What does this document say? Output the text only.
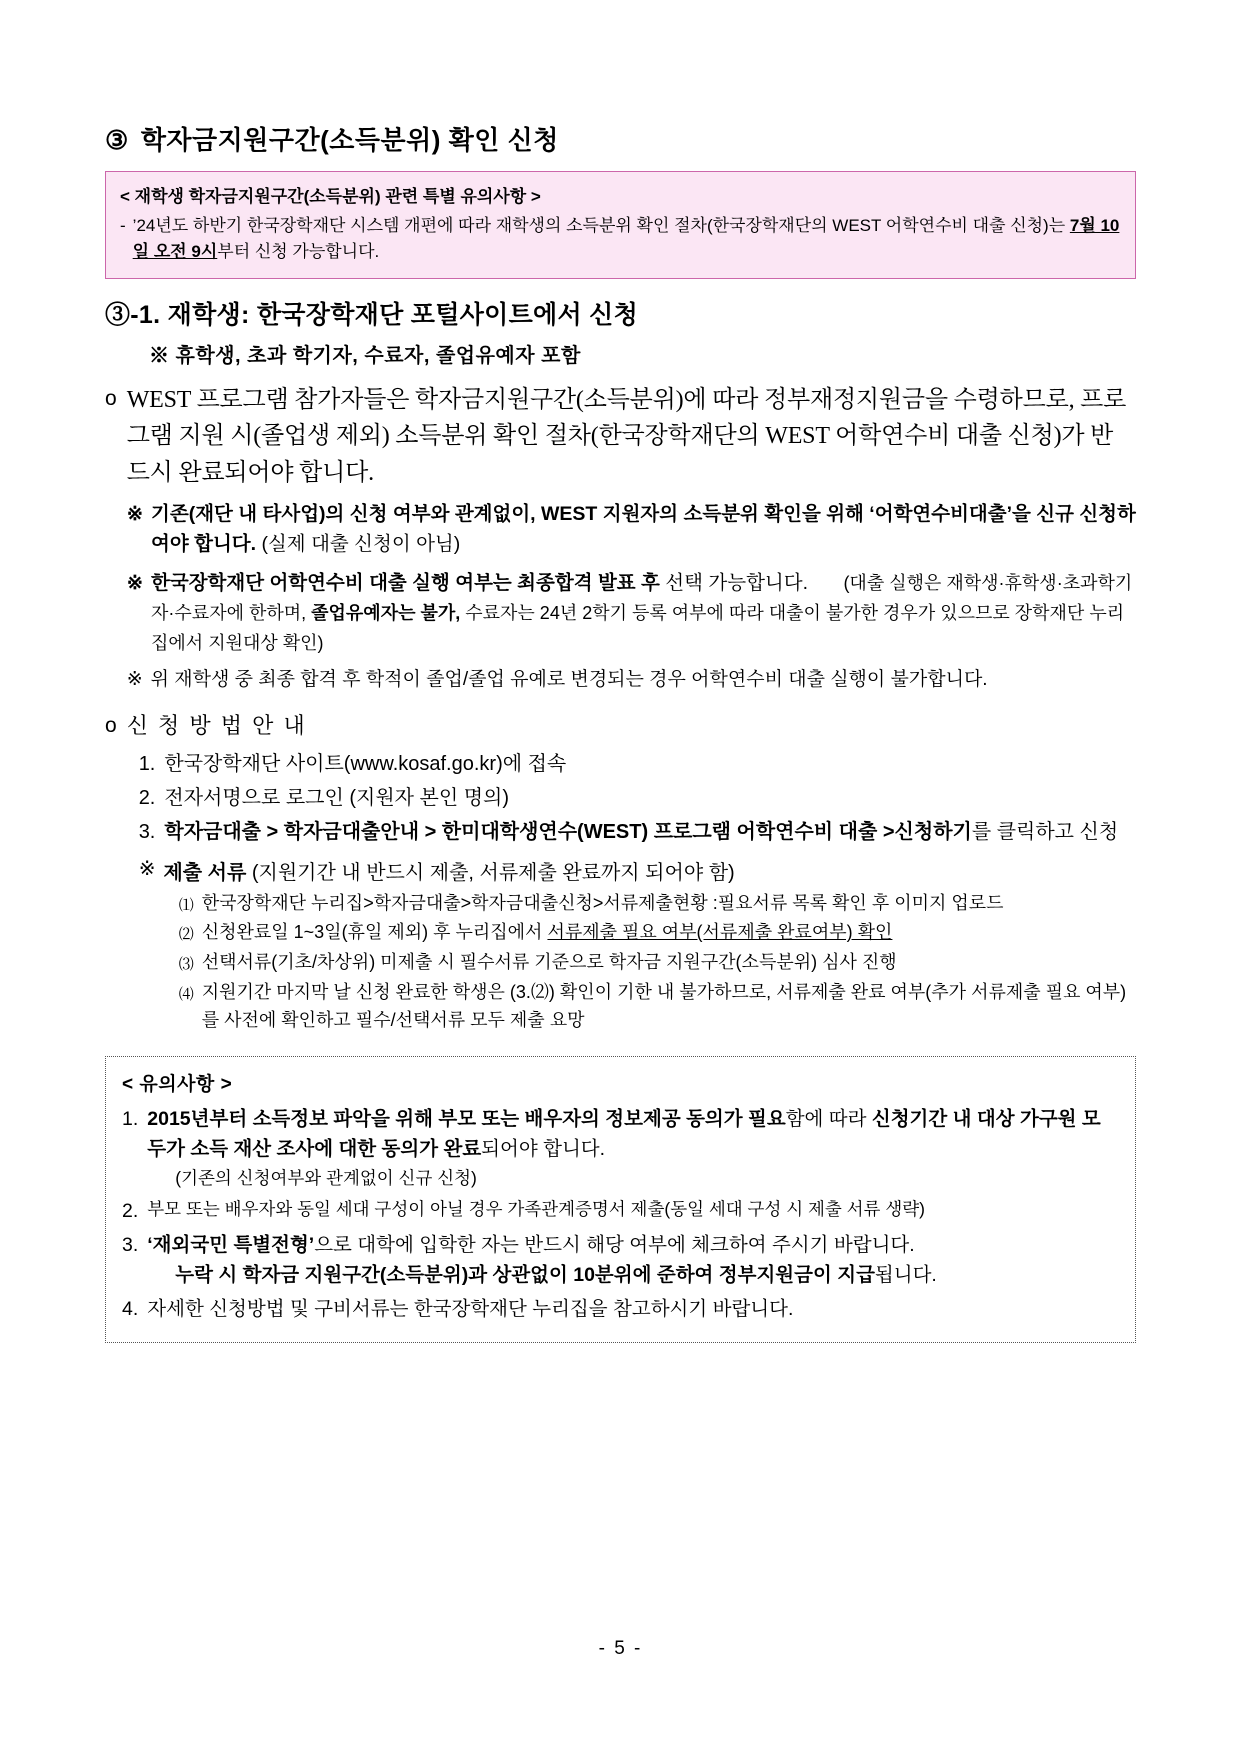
③ 학자금지원구간(소득분위) 확인 신청
< 재학생 학자금지원구간(소득분위) 관련 특별 유의사항 >
- ’24년도 하반기 한국장학재단 시스템 개편에 따라 재학생의 소득분위 확인 절차(한국장학재단의 WEST 어학연수비 대출 신청)는 7월 10일 오전 9시부터 신청 가능합니다.
③-1. 재학생: 한국장학재단 포털사이트에서 신청
※ 휴학생, 초과 학기자, 수료자, 졸업유예자 포함
o WEST 프로그램 참가자들은 학자금지원구간(소득분위)에 따라 정부재정지원금을 수령하므로, 프로그램 지원 시(졸업생 제외) 소득분위 확인 절차(한국장학재단의 WEST 어학연수비 대출 신청)가 반드시 완료되어야 합니다.
※ 기존(재단 내 타사업)의 신청 여부와 관계없이, WEST 지원자의 소득분위 확인을 위해 ‘어학연수비대출’을 신규 신청하여야 합니다. (실제 대출 신청이 아님)
※ 한국장학재단 어학연수비 대출 실행 여부는 최종합격 발표 후 선택 가능합니다. (대출 실행은 재학생·휴학생·초과학기자·수료자에 한하며, 졸업유예자는 불가, 수료자는 24년 2학기 등록 여부에 따라 대출이 불가한 경우가 있으므로 장학재단 누리집에서 지원대상 확인)
※ 위 재학생 중 최종 합격 후 학적이 졸업/졸업 유예로 변경되는 경우 어학연수비 대출 실행이 불가합니다.
o 신 청 방 법 안 내
1. 한국장학재단 사이트(www.kosaf.go.kr)에 접속
2. 전자서명으로 로그인 (지원자 본인 명의)
3. 학자금대출 > 학자금대출안내 > 한미대학생연수(WEST) 프로그램 어학연수비 대출 >신청하기를 클릭하고 신청
※ 제출 서류 (지원기간 내 반드시 제출, 서류제출 완료까지 되어야 함)
⑴ 한국장학재단 누리집>학자금대출>학자금대출신청>서류제출현황 :필요서류 목록 확인 후 이미지 업로드
⑵ 신청완료일 1~3일(휴일 제외) 후 누리집에서 서류제출 필요 여부(서류제출 완료여부) 확인
⑶ 선택서류(기초/차상위) 미제출 시 필수서류 기준으로 학자금 지원구간(소득분위) 심사 진행
⑷ 지원기간 마지막 날 신청 완료한 학생은 (3.⑵) 확인이 기한 내 불가하므로, 서류제출 완료 여부(추가 서류제출 필요 여부)를 사전에 확인하고 필수/선택서류 모두 제출 요망
< 유의사항 >
1. 2015년부터 소득정보 파악을 위해 부모 또는 배우자의 정보제공 동의가 필요함에 따라 신청기간 내 대상 가구원 모두가 소득 재산 조사에 대한 동의가 완료되어야 합니다.
(기존의 신청여부와 관계없이 신규 신청)
2. 부모 또는 배우자와 동일 세대 구성이 아닐 경우 가족관계증명서 제출(동일 세대 구성 시 제출 서류 생략)
3. ‘재외국민 특별전형’으로 대학에 입학한 자는 반드시 해당 여부에 체크하여 주시기 바랍니다.
누락 시 학자금 지원구간(소득분위)과 상관없이 10분위에 준하여 정부지원금이 지급됩니다.
4. 자세한 신청방법 및 구비서류는 한국장학재단 누리집을 참고하시기 바랍니다.
- 5 -
